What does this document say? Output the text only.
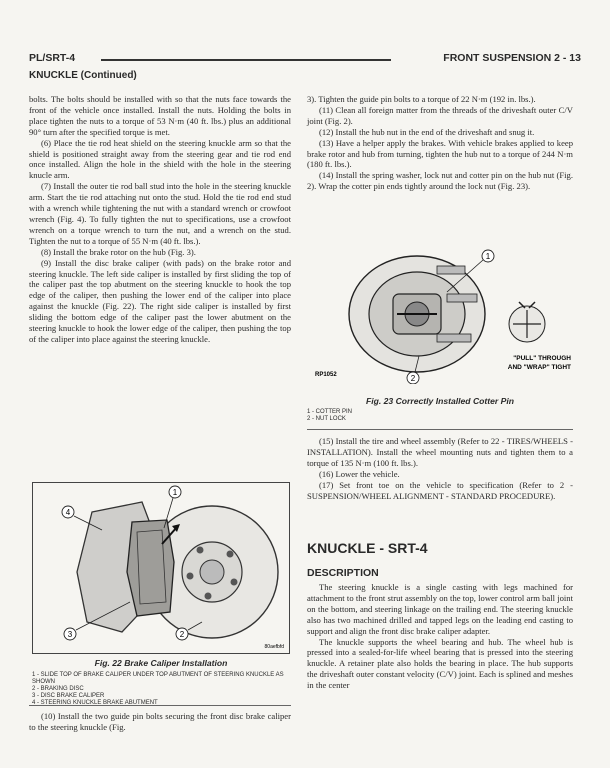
PL/SRT-4	FRONT SUSPENSION 2 - 13
KNUCKLE (Continued)

bolts. The bolts should be installed with so that the nuts face towards the front of the vehicle once installed. Install the nuts. Holding the bolts in place tighten the nuts to a torque of 53 N·m (40 ft. lbs.) plus an additional 90° turn after the specified torque is met.

(6) Place the tie rod heat shield on the steering knuckle arm so that the shield is positioned straight away from the steering gear and tie rod end once installed. Align the hole in the shield with the hole in the steering knucle arm.

(7) Install the outer tie rod ball stud into the hole in the steering knuckle arm. Start the tie rod attaching nut onto the stud. Hold the tie rod end stud with a wrench while tightening the nut with a standard wrench or crowfoot wrench (Fig. 4). To fully tighten the nut to specifications, use a crowfoot wrench on a torque wrench to turn the nut, and a wrench on the stud. Tighten the nut to a torque of 55 N·m (40 ft. lbs.).

(8) Install the brake rotor on the hub (Fig. 3).

(9) Install the disc brake caliper (with pads) on the brake rotor and steering knuckle. The left side caliper is installed by first sliding the top of the caliper past the top abutment on the steering knuckle to hook the top edge of the caliper, then pushing the lower end of the caliper into place against the knuckle (Fig. 22). The right side caliper is installed by first sliding the bottom edge of the caliper past the lower abutment on the steering knuckle to hook the lower edge of the caliper, then pushing the top of the caliper into place against the steering knuckle.

1
2
3
4
80aefbfd
Fig. 22 Brake Caliper Installation
1 - SLIDE TOP OF BRAKE CALIPER UNDER TOP ABUTMENT OF STEERING KNUCKLE AS SHOWN
2 - BRAKING DISC
3 - DISC BRAKE CALIPER
4 - STEERING KNUCKLE BRAKE ABUTMENT

(10) Install the two guide pin bolts securing the front disc brake caliper to the steering knuckle (Fig.

3). Tighten the guide pin bolts to a torque of 22 N·m (192 in. lbs.).

(11) Clean all foreign matter from the threads of the driveshaft outer C/V joint (Fig. 2).

(12) Install the hub nut in the end of the driveshaft and snug it.

(13) Have a helper apply the brakes. With vehicle brakes applied to keep brake rotor and hub from turning, tighten the hub nut to a torque of 244 N·m (180 ft. lbs.).

(14) Install the spring washer, lock nut and cotter pin on the hub nut (Fig. 2). Wrap the cotter pin ends tightly around the lock nut (Fig. 23).

1
2
RP1052
"PULL" THROUGH
AND "WRAP" TIGHT
Fig. 23 Correctly Installed Cotter Pin
1 - COTTER PIN
2 - NUT LOCK

(15) Install the tire and wheel assembly (Refer to 22 - TIRES/WHEELS - INSTALLATION). Install the wheel mounting nuts and tighten them to a torque of 135 N·m (100 ft. lbs.).

(16) Lower the vehicle.

(17) Set front toe on the vehicle to specification (Refer to 2 - SUSPENSION/WHEEL ALIGNMENT - STANDARD PROCEDURE).

KNUCKLE - SRT-4
DESCRIPTION

The steering knuckle is a single casting with legs machined for attachment to the front strut assembly on the top, lower control arm ball joint on the bottom, and steering linkage on the trailing end. The steering knuckle also has two machined drilled and tapped legs on the leading end casting to support and align the front disc brake caliper adapter.

The knuckle supports the wheel bearing and hub. The wheel hub is pressed into a sealed-for-life wheel bearing that is pressed into the steering knuckle. A retainer plate also holds the bearing in place. The hub supports the driveshaft outer constant velocity (C/V) joint. Each is splined and meshes in the center
